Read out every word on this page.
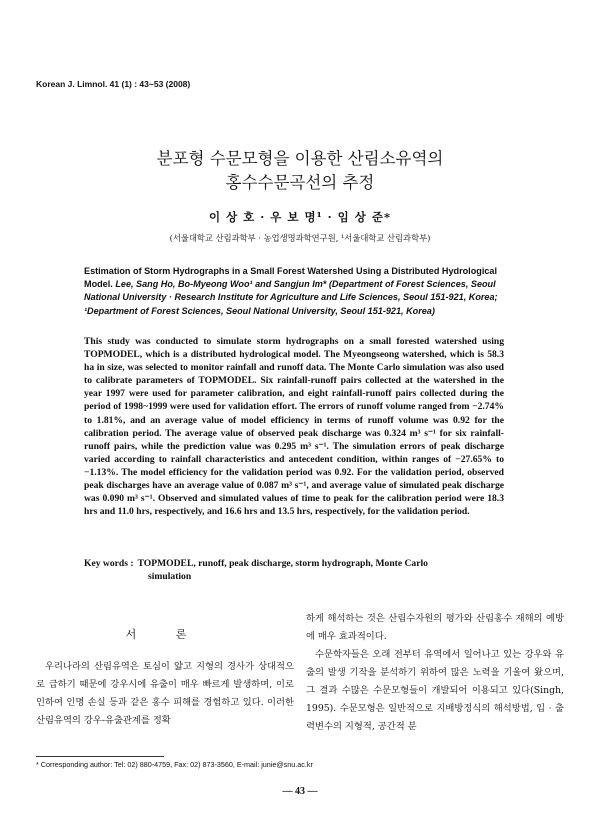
Korean J. Limnol. 41 (1) : 43~53 (2008)
분포형 수문모형을 이용한 산림소유역의
홍수수문곡선의 추정
이 상 호 · 우 보 명¹ · 임 상 준*
(서울대학교 산림과학부 · 농업생명과학연구원, ¹서울대학교 산림과학부)
Estimation of Storm Hydrographs in a Small Forest Watershed Using a Distributed Hydrological Model. Lee, Sang Ho, Bo-Myeong Woo¹ and Sangjun Im* (Department of Forest Sciences, Seoul National University · Research Institute for Agriculture and Life Sciences, Seoul 151-921, Korea; ¹Department of Forest Sciences, Seoul National University, Seoul 151-921, Korea)
This study was conducted to simulate storm hydrographs on a small forested watershed using TOPMODEL, which is a distributed hydrological model. The Myeongseong watershed, which is 58.3 ha in size, was selected to monitor rainfall and runoff data. The Monte Carlo simulation was also used to calibrate parameters of TOPMODEL. Six rainfall-runoff pairs collected at the watershed in the year 1997 were used for parameter calibration, and eight rainfall-runoff pairs collected during the period of 1998~1999 were used for validation effort. The errors of runoff volume ranged from −2.74% to 1.81%, and an average value of model efficiency in terms of runoff volume was 0.92 for the calibration period. The average value of observed peak discharge was 0.324 m³ s⁻¹ for six rainfall-runoff pairs, while the prediction value was 0.295 m³ s⁻¹. The simulation errors of peak discharge varied according to rainfall characteristics and antecedent condition, within ranges of −27.65% to −1.13%. The model efficiency for the validation period was 0.92. For the validation period, observed peak discharges have an average value of 0.087 m³ s⁻¹, and average value of simulated peak discharge was 0.090 m³ s⁻¹. Observed and simulated values of time to peak for the calibration period were 18.3 hrs and 11.0 hrs, respectively, and 16.6 hrs and 13.5 hrs, respectively, for the validation period.
Key words : TOPMODEL, runoff, peak discharge, storm hydrograph, Monte Carlo
simulation
서 론

우리나라의 산림유역은 토심이 얇고 지형의 경사가 상대적으로 급하기 때문에 강우시에 유출이 매우 빠르게 발생하며, 이로 인하여 인명 손실 등과 같은 홍수 피해를 경험하고 있다. 이러한 산림유역의 강우-유출관계를 정확

하게 해석하는 것은 산림수자원의 평가와 산림홍수 재해의 예방에 매우 효과적이다.

수문학자들은 오래 전부터 유역에서 일어나고 있는 강우와 유출의 발생 기작을 분석하기 위하여 많은 노력을 기울여 왔으며, 그 결과 수많은 수문모형들이 개발되어 이용되고 있다(Singh, 1995). 수문모형은 일반적으로 지배방정식의 해석방법, 입 · 출력변수의 지형적, 공간적 분

* Corresponding author: Tel: 02) 880-4759, Fax: 02) 873-3560, E-mail: junie@snu.ac.kr
— 43 —
